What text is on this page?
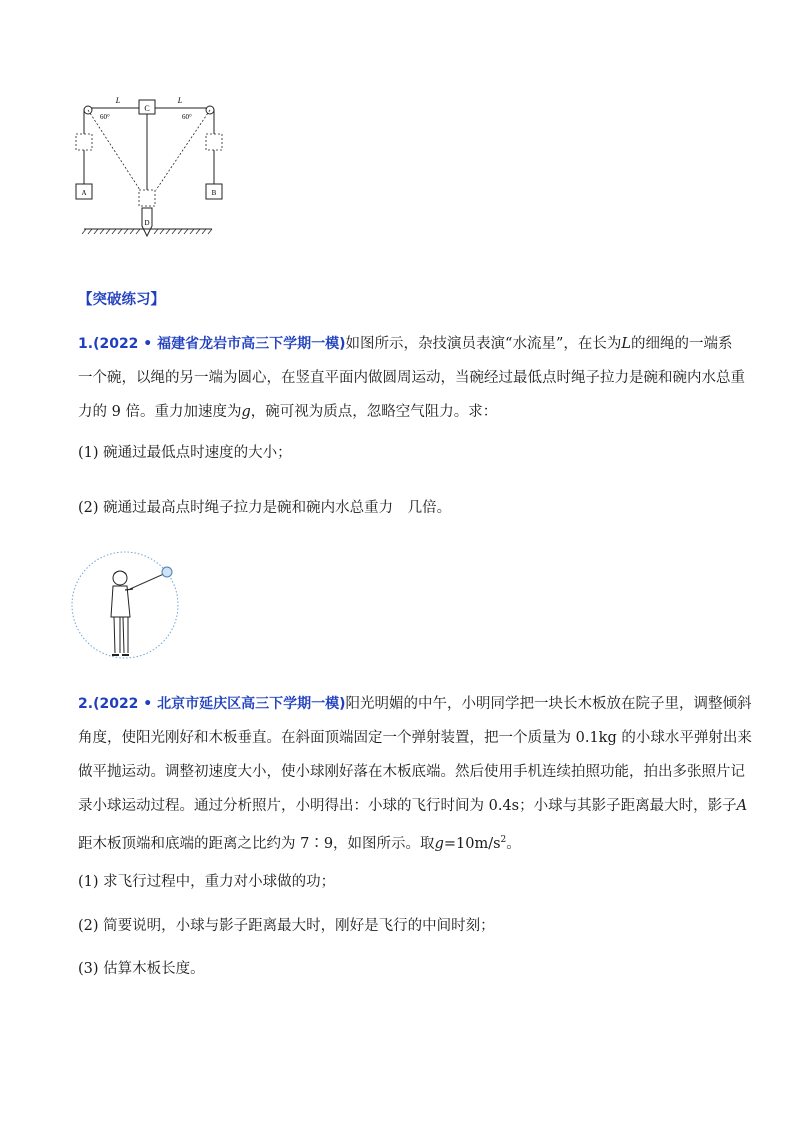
C
L	L
60°	60°
A	B
D
【突破练习】
1.(2022 • 福建省龙岩市高三下学期一模)如图所示，杂技演员表演“水流星”，在长为L的细绳的一端系
一个碗，以绳的另一端为圆心，在竖直平面内做圆周运动，当碗经过最低点时绳子拉力是碗和碗内水总重
力的 9 倍。重力加速度为g，碗可视为质点，忽略空气阻力。求：
(1) 碗通过最低点时速度的大小；
(2) 碗通过最高点时绳子拉力是碗和碗内水总重力　几倍。
2.(2022 • 北京市延庆区高三下学期一模)阳光明媚的中午，小明同学把一块长木板放在院子里，调整倾斜
角度，使阳光刚好和木板垂直。在斜面顶端固定一个弹射装置，把一个质量为 0.1kg 的小球水平弹射出来
做平抛运动。调整初速度大小，使小球刚好落在木板底端。然后使用手机连续拍照功能，拍出多张照片记
录小球运动过程。通过分析照片，小明得出：小球的飞行时间为 0.4s；小球与其影子距离最大时，影子A
距木板顶端和底端的距离之比约为 7∶9，如图所示。取$g=10m/s^2$。
(1) 求飞行过程中，重力对小球做的功；
(2) 简要说明，小球与影子距离最大时，刚好是飞行的中间时刻；
(3) 估算木板长度。
